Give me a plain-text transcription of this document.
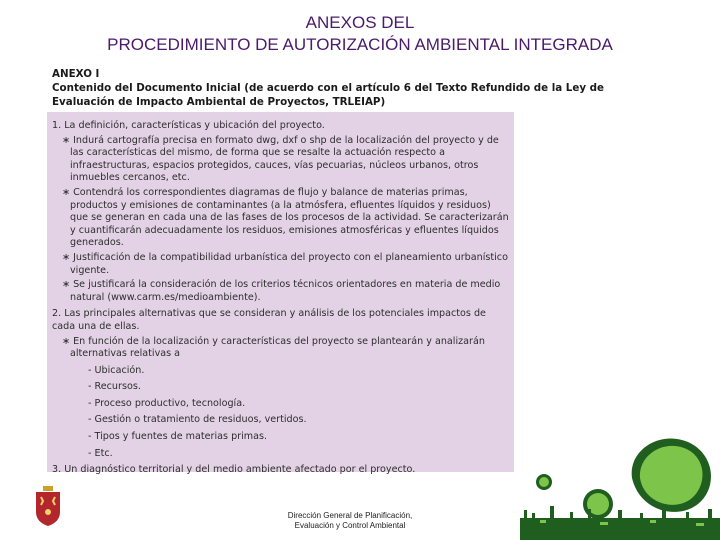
ANEXOS DEL
PROCEDIMIENTO DE AUTORIZACIÓN AMBIENTAL INTEGRADA
ANEXO I
Contenido del Documento Inicial (de acuerdo con el artículo 6 del Texto Refundido de la Ley de
Evaluación de Impacto Ambiental de Proyectos, TRLEIAP)
1. La definición, características y ubicación del proyecto.
∗ Indurá cartografía precisa en formato dwg, dxf o shp de la localización del proyecto y de las características del mismo, de forma que se resalte la actuación respecto a infraestructuras, espacios protegidos, cauces, vías pecuarias, núcleos urbanos, otros inmuebles cercanos, etc.
∗ Contendrá los correspondientes diagramas de flujo y balance de materias primas, productos y emisiones de contaminantes (a la atmósfera, efluentes líquidos y residuos) que se generan en cada una de las fases de los procesos de la actividad. Se caracterizarán y cuantificarán adecuadamente los residuos, emisiones atmosféricas y efluentes líquidos generados.
∗ Justificación de la compatibilidad urbanística del proyecto con el planeamiento urbanístico vigente.
∗ Se justificará la consideración de los criterios técnicos orientadores en materia de medio natural (www.carm.es/medioambiente).
2. Las principales alternativas que se consideran y análisis de los potenciales impactos de cada una de ellas.
∗ En función de la localización y características del proyecto se plantearán y analizarán alternativas relativas a
- Ubicación.
- Recursos.
- Proceso productivo, tecnología.
- Gestión o tratamiento de residuos, vertidos.
- Tipos y fuentes de materias primas.
- Etc.
3. Un diagnóstico territorial y del medio ambiente afectado por el proyecto.
·····
Dirección General de Planificación,
Evaluación y Control Ambiental
